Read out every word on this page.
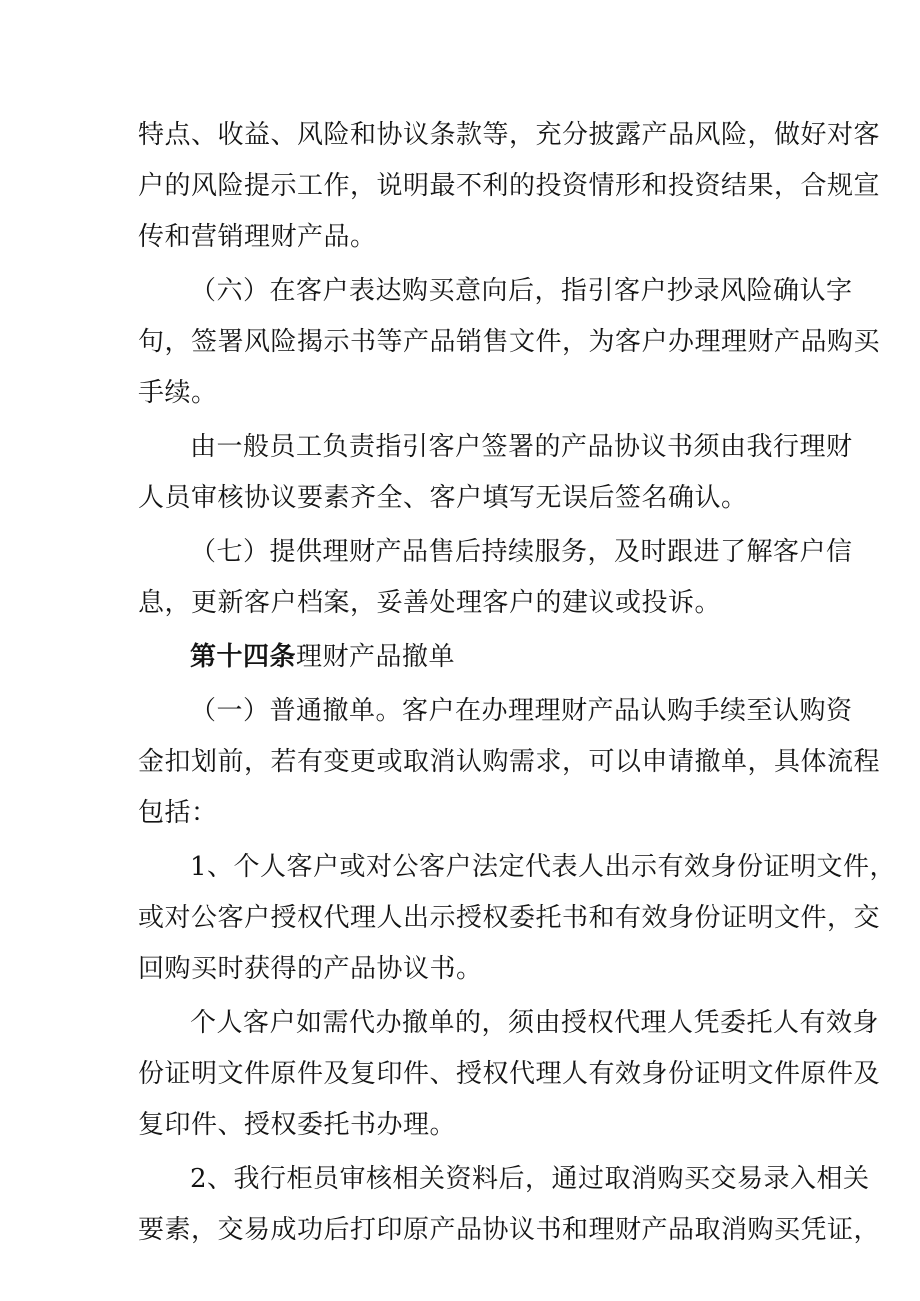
特点、收益、风险和协议条款等，充分披露产品风险，做好对客
户的风险提示工作，说明最不利的投资情形和投资结果，合规宣
传和营销理财产品。
（六）在客户表达购买意向后，指引客户抄录风险确认字
句，签署风险揭示书等产品销售文件，为客户办理理财产品购买
手续。
由一般员工负责指引客户签署的产品协议书须由我行理财
人员审核协议要素齐全、客户填写无误后签名确认。
（七）提供理财产品售后持续服务，及时跟进了解客户信
息，更新客户档案，妥善处理客户的建议或投诉。
第十四条理财产品撤单
（一）普通撤单。客户在办理理财产品认购手续至认购资
金扣划前，若有变更或取消认购需求，可以申请撤单，具体流程
包括：
1、个人客户或对公客户法定代表人出示有效身份证明文件，
或对公客户授权代理人出示授权委托书和有效身份证明文件，交
回购买时获得的产品协议书。
个人客户如需代办撤单的，须由授权代理人凭委托人有效身
份证明文件原件及复印件、授权代理人有效身份证明文件原件及
复印件、授权委托书办理。
2、我行柜员审核相关资料后，通过取消购买交易录入相关
要素，交易成功后打印原产品协议书和理财产品取消购买凭证，
